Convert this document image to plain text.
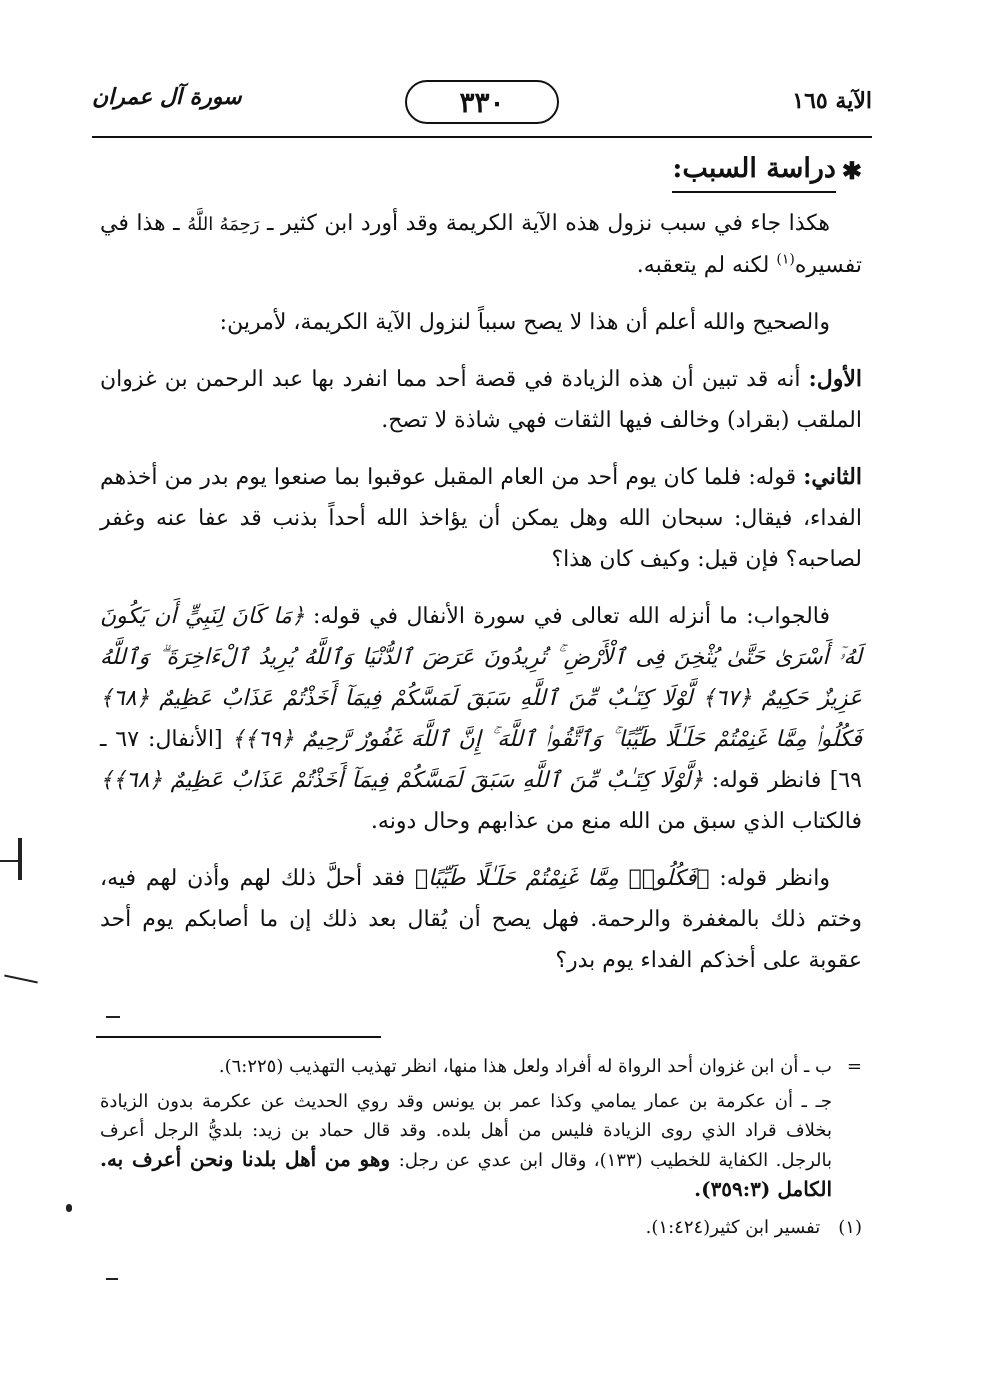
الآية ١٦٥
٣٣٠
سورة آل عمران
✱
دراسة السبب:

هكذا جاء في سبب نزول هذه الآية الكريمة وقد أورد ابن كثير ـ رَحِمَهُ اللَّهُ ـ هذا في تفسيره$^{(١)}$ لكنه لم يتعقبه.

والصحيح والله أعلم أن هذا لا يصح سبباً لنزول الآية الكريمة، لأمرين:

الأول: أنه قد تبين أن هذه الزيادة في قصة أحد مما انفرد بها عبد الرحمن بن غزوان الملقب (بقراد) وخالف فيها الثقات فهي شاذة لا تصح.

الثاني: قوله: فلما كان يوم أحد من العام المقبل عوقبوا بما صنعوا يوم بدر من أخذهم الفداء، فيقال: سبحان الله وهل يمكن أن يؤاخذ الله أحداً بذنب قد عفا عنه وغفر لصاحبه؟ فإن قيل: وكيف كان هذا؟

فالجواب: ما أنزله الله تعالى في سورة الأنفال في قوله: ﴿مَا كَانَ لِنَبِيٍّ أَن يَكُونَ لَهُۥٓ أَسْرَىٰ حَتَّىٰ يُثْخِنَ فِى ٱلْأَرْضِ ۚ تُرِيدُونَ عَرَضَ ٱلدُّنْيَا وَٱللَّهُ يُرِيدُ ٱلْءَاخِرَةَ ۗ وَٱللَّهُ عَزِيزٌ حَكِيمٌ ﴿٦٧﴾ لَّوْلَا كِتَـٰبٌ مِّنَ ٱللَّهِ سَبَقَ لَمَسَّكُمْ فِيمَآ أَخَذْتُمْ عَذَابٌ عَظِيمٌ ﴿٦٨﴾ فَكُلُوا۟ مِمَّا غَنِمْتُمْ حَلَـٰلًا طَيِّبًا ۚ وَٱتَّقُوا۟ ٱللَّهَ ۚ إِنَّ ٱللَّهَ غَفُورٌ رَّحِيمٌ ﴿٦٩﴾﴾ [الأنفال: ٦٧ ـ ٦٩] فانظر قوله: ﴿لَّوْلَا كِتَـٰبٌ مِّنَ ٱللَّهِ سَبَقَ لَمَسَّكُمْ فِيمَآ أَخَذْتُمْ عَذَابٌ عَظِيمٌ ﴿٦٨﴾﴾ فالكتاب الذي سبق من الله منع من عذابهم وحال دونه.

وانظر قوله: ﴿فَكُلُوا۟ مِمَّا غَنِمْتُمْ حَلَـٰلًا طَيِّبًا﴾ فقد أحلَّ ذلك لهم وأذن لهم فيه، وختم ذلك بالمغفرة والرحمة. فهل يصح أن يُقال بعد ذلك إن ما أصابكم يوم أحد عقوبة على أخذكم الفداء يوم بدر؟

=

ب ـ أن ابن غزوان أحد الرواة له أفراد ولعل هذا منها، انظر تهذيب التهذيب (٦:٢٢٥).

جـ ـ أن عكرمة بن عمار يمامي وكذا عمر بن يونس وقد روي الحديث عن عكرمة بدون الزيادة بخلاف قراد الذي روى الزيادة فليس من أهل بلده. وقد قال حماد بن زيد: بلديُّ الرجل أعرف بالرجل. الكفاية للخطيب (١٣٣)، وقال ابن عدي عن رجل: وهو من أهل بلدنا ونحن أعرف به. الكامل (٣٥٩:٣).

(١)
تفسير ابن كثير(١:٤٢٤).
